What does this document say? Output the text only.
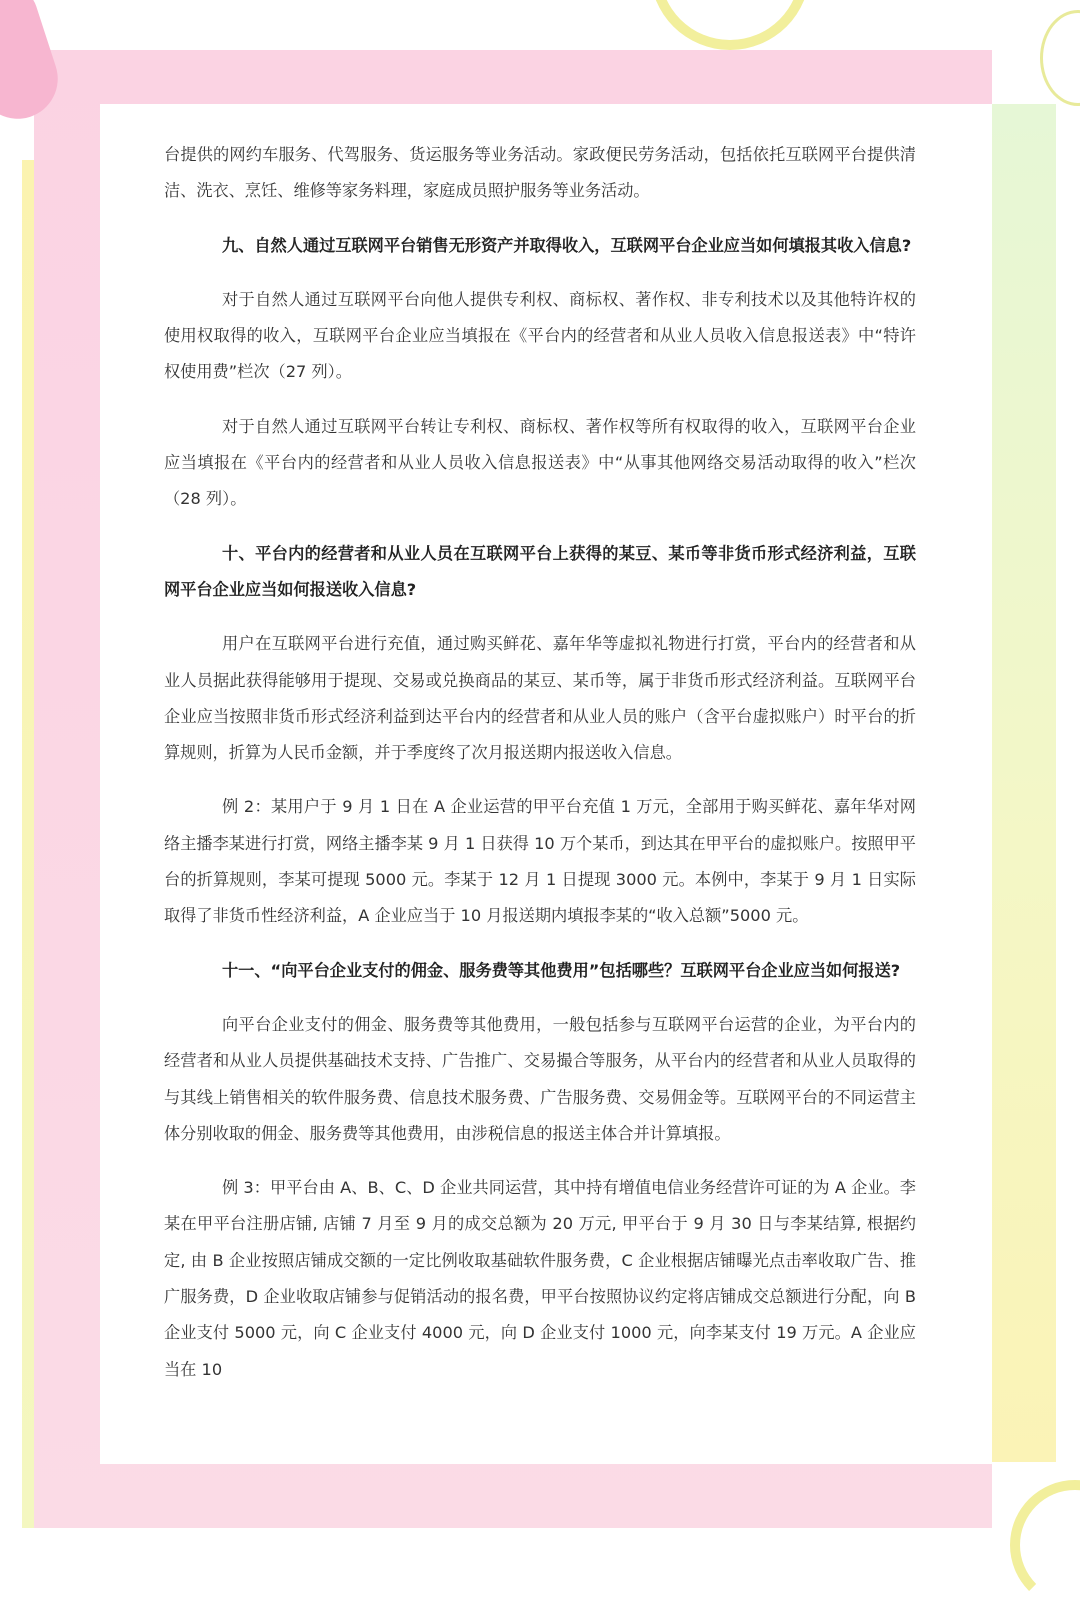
台提供的网约车服务、代驾服务、货运服务等业务活动。家政便民劳务活动，包括依托互联网平台提供清洁、洗衣、烹饪、维修等家务料理，家庭成员照护服务等业务活动。

九、自然人通过互联网平台销售无形资产并取得收入，互联网平台企业应当如何填报其收入信息?

对于自然人通过互联网平台向他人提供专利权、商标权、著作权、非专利技术以及其他特许权的使用权取得的收入，互联网平台企业应当填报在《平台内的经营者和从业人员收入信息报送表》中“特许权使用费”栏次（27 列）。

对于自然人通过互联网平台转让专利权、商标权、著作权等所有权取得的收入，互联网平台企业应当填报在《平台内的经营者和从业人员收入信息报送表》中“从事其他网络交易活动取得的收入”栏次（28 列）。

十、平台内的经营者和从业人员在互联网平台上获得的某豆、某币等非货币形式经济利益，互联网平台企业应当如何报送收入信息?

用户在互联网平台进行充值，通过购买鲜花、嘉年华等虚拟礼物进行打赏，平台内的经营者和从业人员据此获得能够用于提现、交易或兑换商品的某豆、某币等，属于非货币形式经济利益。互联网平台企业应当按照非货币形式经济利益到达平台内的经营者和从业人员的账户（含平台虚拟账户）时平台的折算规则，折算为人民币金额，并于季度终了次月报送期内报送收入信息。

例 2：某用户于 9 月 1 日在 A 企业运营的甲平台充值 1 万元，全部用于购买鲜花、嘉年华对网络主播李某进行打赏，网络主播李某 9 月 1 日获得 10 万个某币，到达其在甲平台的虚拟账户。按照甲平台的折算规则，李某可提现 5000 元。李某于 12 月 1 日提现 3000 元。本例中，李某于 9 月 1 日实际取得了非货币性经济利益，A 企业应当于 10 月报送期内填报李某的“收入总额”5000 元。

十一、“向平台企业支付的佣金、服务费等其他费用”包括哪些？互联网平台企业应当如何报送?

向平台企业支付的佣金、服务费等其他费用，一般包括参与互联网平台运营的企业，为平台内的经营者和从业人员提供基础技术支持、广告推广、交易撮合等服务，从平台内的经营者和从业人员取得的与其线上销售相关的软件服务费、信息技术服务费、广告服务费、交易佣金等。互联网平台的不同运营主体分别收取的佣金、服务费等其他费用，由涉税信息的报送主体合并计算填报。

例 3：甲平台由 A、B、C、D 企业共同运营，其中持有增值电信业务经营许可证的为 A 企业。李某在甲平台注册店铺, 店铺 7 月至 9 月的成交总额为 20 万元, 甲平台于 9 月 30 日与李某结算, 根据约定, 由 B 企业按照店铺成交额的一定比例收取基础软件服务费，C 企业根据店铺曝光点击率收取广告、推广服务费，D 企业收取店铺参与促销活动的报名费，甲平台按照协议约定将店铺成交总额进行分配，向 B 企业支付 5000 元，向 C 企业支付 4000 元，向 D 企业支付 1000 元，向李某支付 19 万元。A 企业应当在 10
